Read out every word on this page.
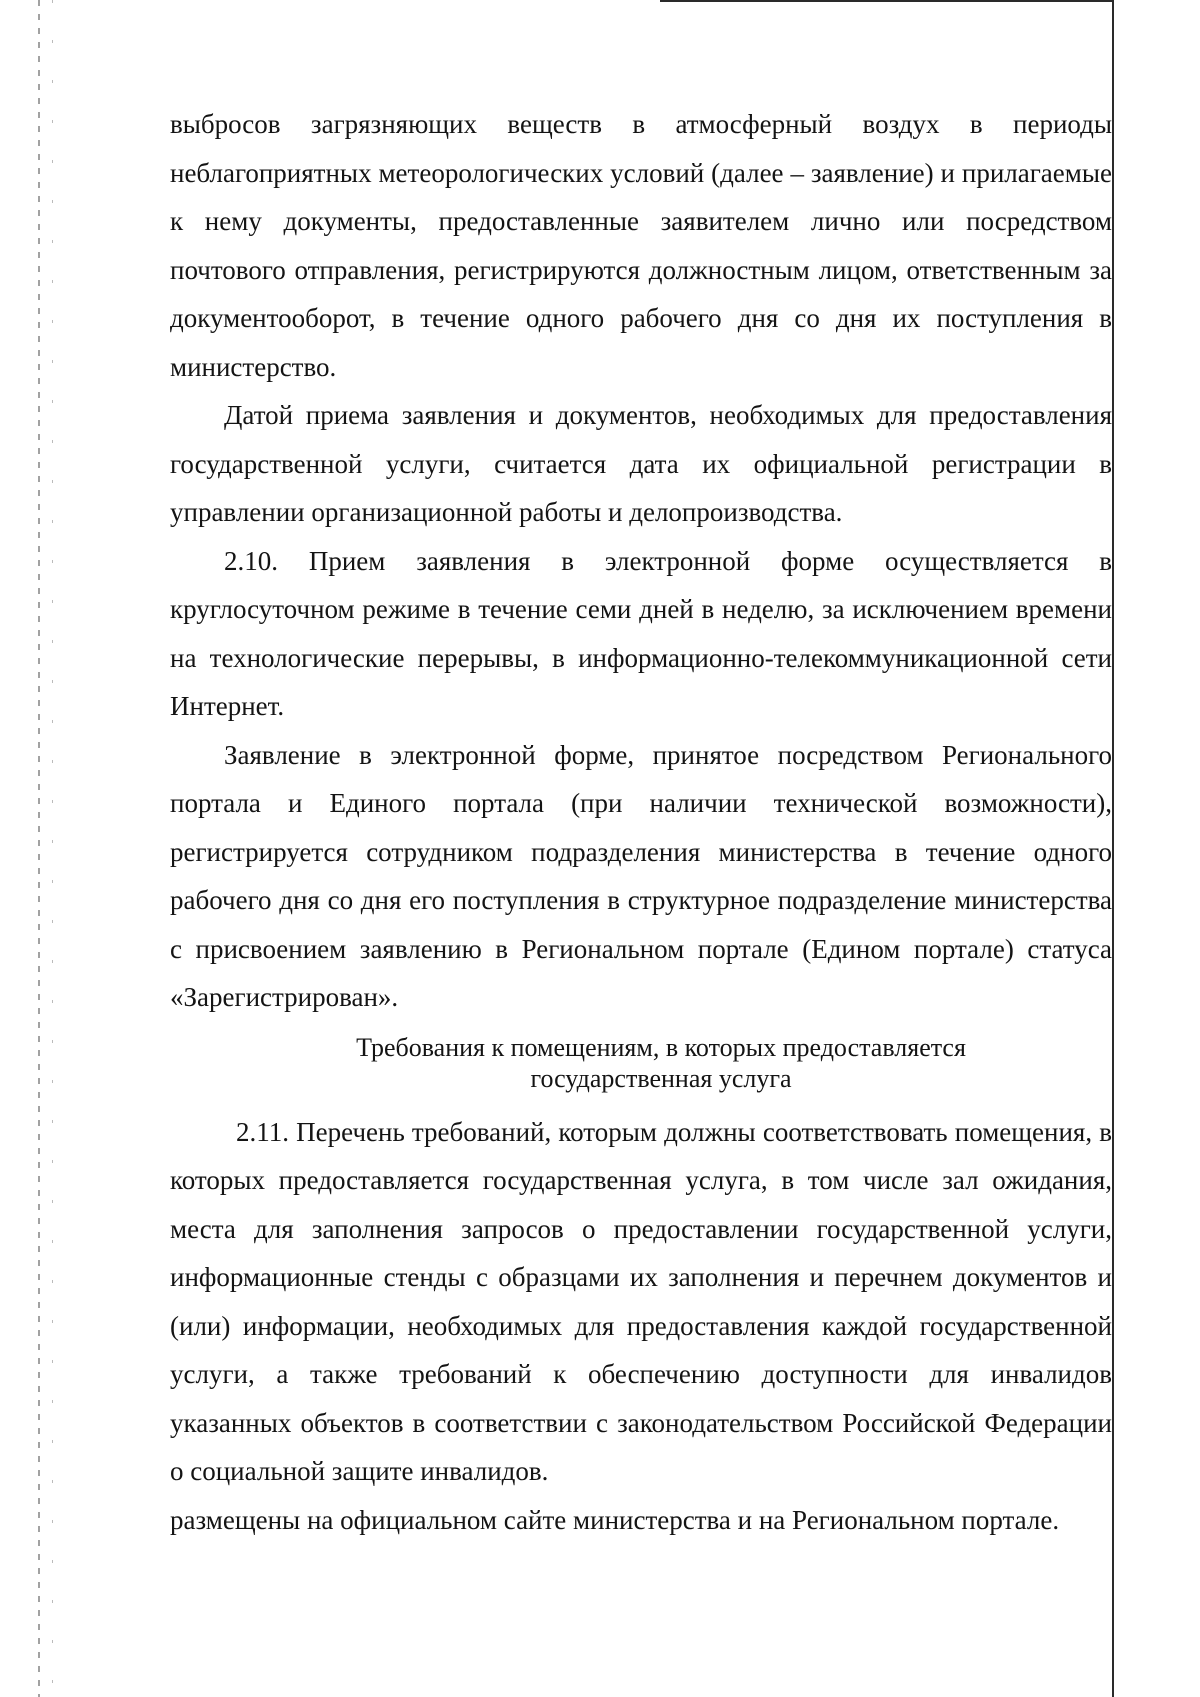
выбросов загрязняющих веществ в атмосферный воздух в периоды неблагоприятных метеорологических условий (далее – заявление) и прилагаемые к нему документы, предоставленные заявителем лично или посредством почтового отправления, регистрируются должностным лицом, ответственным за документооборот, в течение одного рабочего дня со дня их поступления в министерство.

Датой приема заявления и документов, необходимых для предоставления государственной услуги, считается дата их официальной регистрации в управлении организационной работы и делопроизводства.

2.10. Прием заявления в электронной форме осуществляется в круглосуточном режиме в течение семи дней в неделю, за исключением времени на технологические перерывы, в информационно-телекоммуникационной сети Интернет.

Заявление в электронной форме, принятое посредством Регионального портала и Единого портала (при наличии технической возможности), регистрируется сотрудником подразделения министерства в течение одного рабочего дня со дня его поступления в структурное подразделение министерства с присвоением заявлению в Региональном портале (Едином портале) статуса «Зарегистрирован».

Требования к помещениям, в которых предоставляется
государственная услуга

2.11. Перечень требований, которым должны соответствовать помещения, в которых предоставляется государственная услуга, в том числе зал ожидания, места для заполнения запросов о предоставлении государственной услуги, информационные стенды с образцами их заполнения и перечнем документов и (или) информации, необходимых для предоставления каждой государственной услуги, а также требований к обеспечению доступности для инвалидов указанных объектов в соответствии с законодательством Российской Федерации о социальной защите инвалидов.

размещены на официальном сайте министерства и на Региональном портале.
